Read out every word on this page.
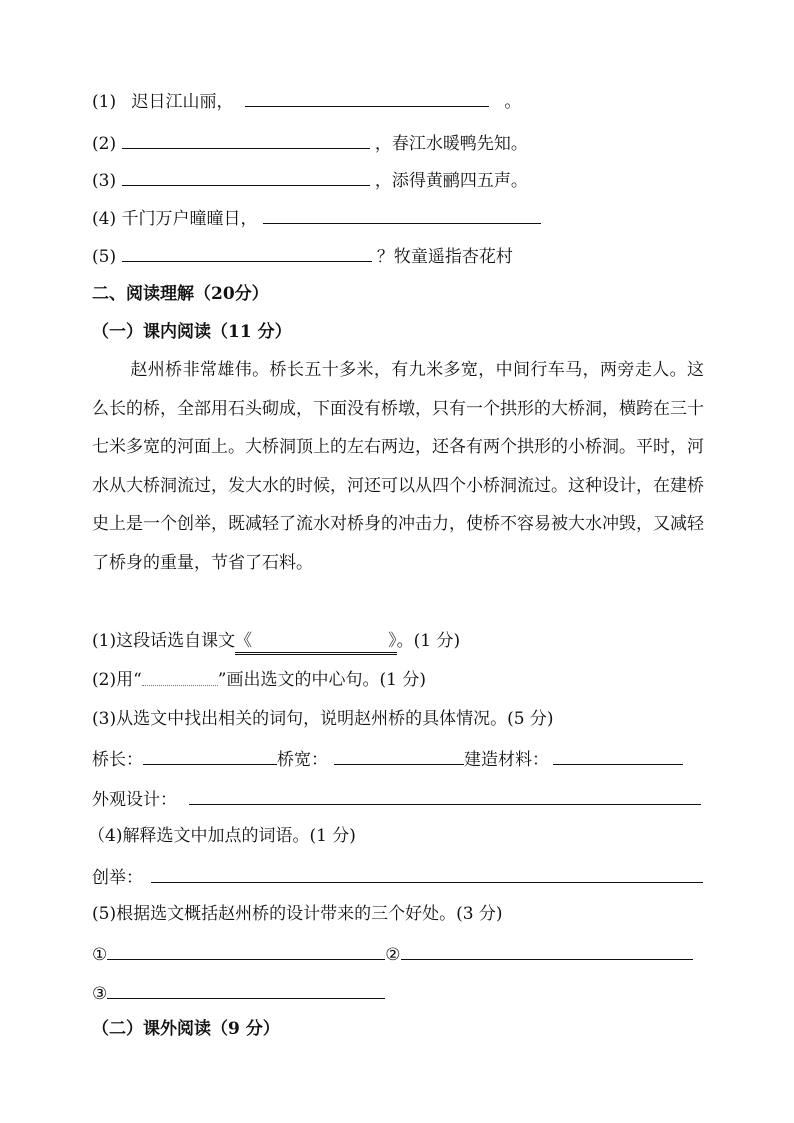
(1) 迟日江山丽，	。
(2)	，春江水暖鸭先知。
(3)	，添得黄鹂四五声。
(4) 千门万户曈曈日，
(5)	？牧童遥指杏花村
二、阅读理解（20分）
（一）课内阅读（11 分）
赵州桥非常雄伟。桥长五十多米，有九米多宽，中间行车马，两旁走人。这么长的桥，全部用石头砌成，下面没有桥墩，只有一个拱形的大桥洞，横跨在三十七米多宽的河面上。大桥洞顶上的左右两边，还各有两个拱形的小桥洞。平时，河水从大桥洞流过，发大水的时候，河还可以从四个小桥洞流过。这种设计，在建桥史上是一个创举，既减轻了流水对桥身的冲击力，使桥不容易被大水冲毁，又减轻了桥身的重量，节省了石料。
(1)这段话选自课文《	》。(1 分)
(2)用“	”画出选文的中心句。(1 分)
(3)从选文中找出相关的词句，说明赵州桥的具体情况。(5 分)
桥长：	桥宽：	建造材料：
外观设计：
（4)解释选文中加点的词语。(1 分)
创举：
(5)根据选文概括赵州桥的设计带来的三个好处。(3 分)
①	②
③
（二）课外阅读（9 分）
